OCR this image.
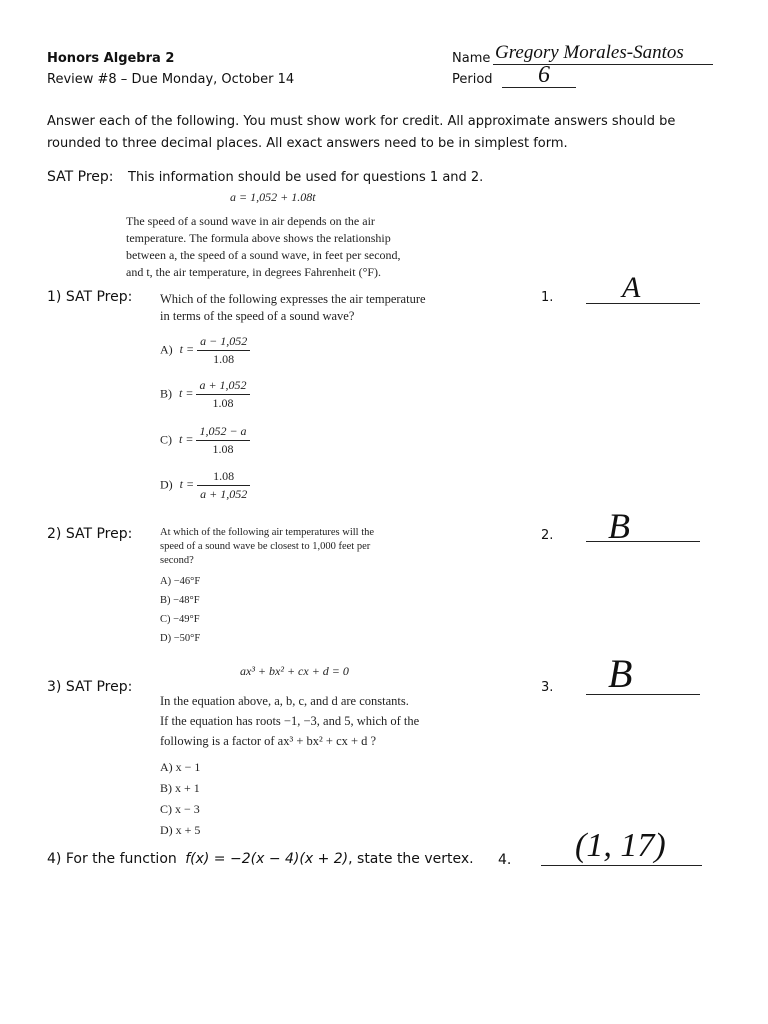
Honors Algebra 2
Review #8 – Due Monday, October 14
Name Gregory Morales-Santos
Period 6
Answer each of the following. You must show work for credit. All approximate answers should be
rounded to three decimal places. All exact answers need to be in simplest form.
SAT Prep: This information should be used for questions 1 and 2.
a = 1,052 + 1.08t
The speed of a sound wave in air depends on the air
temperature. The formula above shows the relationship
between a, the speed of a sound wave, in feet per second,
and t, the air temperature, in degrees Fahrenheit (°F).
1) SAT Prep: Which of the following expresses the air temperature
in terms of the speed of a sound wave?
A) $t = \frac{a - 1,052}{1.08}$
B) $t = \frac{a + 1,052}{1.08}$
C) $t = \frac{1,052 - a}{1.08}$
D) $t = \frac{1.08}{a + 1,052}$
1. A
2) SAT Prep:	At which of the following air temperatures will the
speed of a sound wave be closest to 1,000 feet per
second?
A) −46°F
B) −48°F
C) −49°F
D) −50°F
2. B
ax³ + bx² + cx + d = 0
3) SAT Prep:
In the equation above, a, b, c, and d are constants.
If the equation has roots −1, −3, and 5, which of the
following is a factor of ax³ + bx² + cx + d ?
A) x − 1
B) x + 1
C) x − 3
D) x + 5
3. B
4) For the function f(x) = −2(x − 4)(x + 2), state the vertex. 4. (1, 17)
